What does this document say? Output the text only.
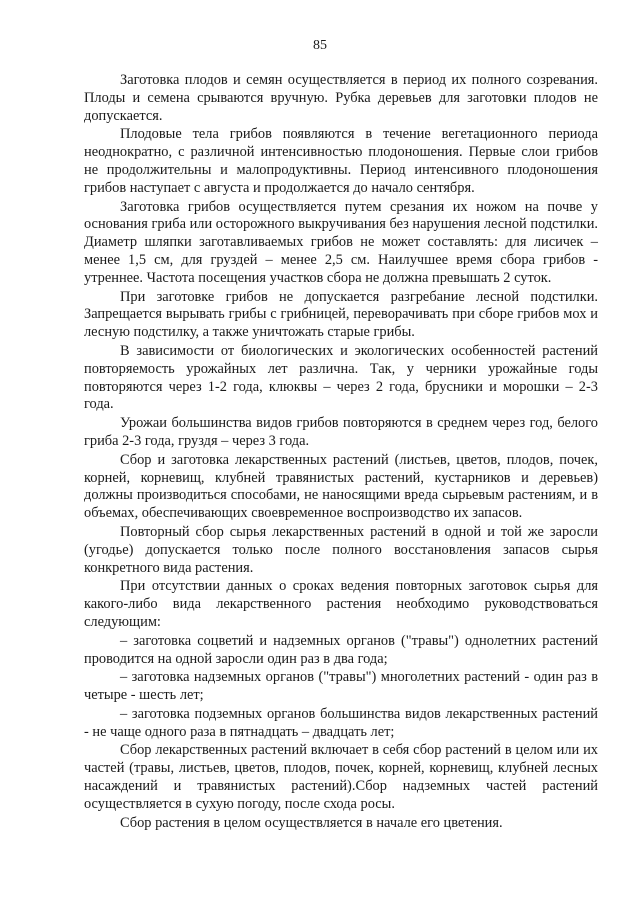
85

Заготовка плодов и семян осуществляется в период их полного созревания. Плоды и семена срываются вручную. Рубка деревьев для заготовки плодов не допускается.

Плодовые тела грибов появляются в течение вегетационного периода неоднократно, с различной интенсивностью плодоношения. Первые слои грибов не продолжительны и малопродуктивны. Период интенсивного плодоношения грибов наступает с августа и продолжается до начало сентября.

Заготовка грибов осуществляется путем срезания их ножом на почве у основания гриба или осторожного выкручивания без нарушения лесной подстилки. Диаметр шляпки заготавливаемых грибов не может составлять: для лисичек – менее 1,5 см, для груздей – менее 2,5 см. Наилучшее время сбора грибов - утреннее. Частота посещения участков сбора не должна превышать 2 суток.

При заготовке грибов не допускается разгребание лесной подстилки. Запрещается вырывать грибы с грибницей, переворачивать при сборе грибов мох и лесную подстилку, а также уничтожать старые грибы.

В зависимости от биологических и экологических особенностей растений повторяемость урожайных лет различна. Так, у черники урожайные годы повторяются через 1-2 года, клюквы – через 2 года, брусники и морошки – 2-3 года.

Урожаи большинства видов грибов повторяются в среднем через год, белого гриба 2-3 года, груздя – через 3 года.

Сбор и заготовка лекарственных растений (листьев, цветов, плодов, почек, корней, корневищ, клубней травянистых растений, кустарников и деревьев) должны производиться способами, не наносящими вреда сырьевым растениям, и в объемах, обеспечивающих своевременное воспроизводство их запасов.

Повторный сбор сырья лекарственных растений в одной и той же заросли (угодье) допускается только после полного восстановления запасов сырья конкретного вида растения.

При отсутствии данных о сроках ведения повторных заготовок сырья для какого-либо вида лекарственного растения необходимо руководствоваться следующим:

– заготовка соцветий и надземных органов ("травы") однолетних растений проводится на одной заросли один раз в два года;

– заготовка надземных органов ("травы") многолетних растений - один раз в четыре - шесть лет;

– заготовка подземных органов большинства видов лекарственных растений - не чаще одного раза в пятнадцать – двадцать лет;

Сбор лекарственных растений включает в себя сбор растений в целом или их частей (травы, листьев, цветов, плодов, почек, корней, корневищ, клубней лесных насаждений и травянистых растений).Сбор надземных частей растений осуществляется в сухую погоду, после схода росы.

Сбор растения в целом осуществляется в начале его цветения.
